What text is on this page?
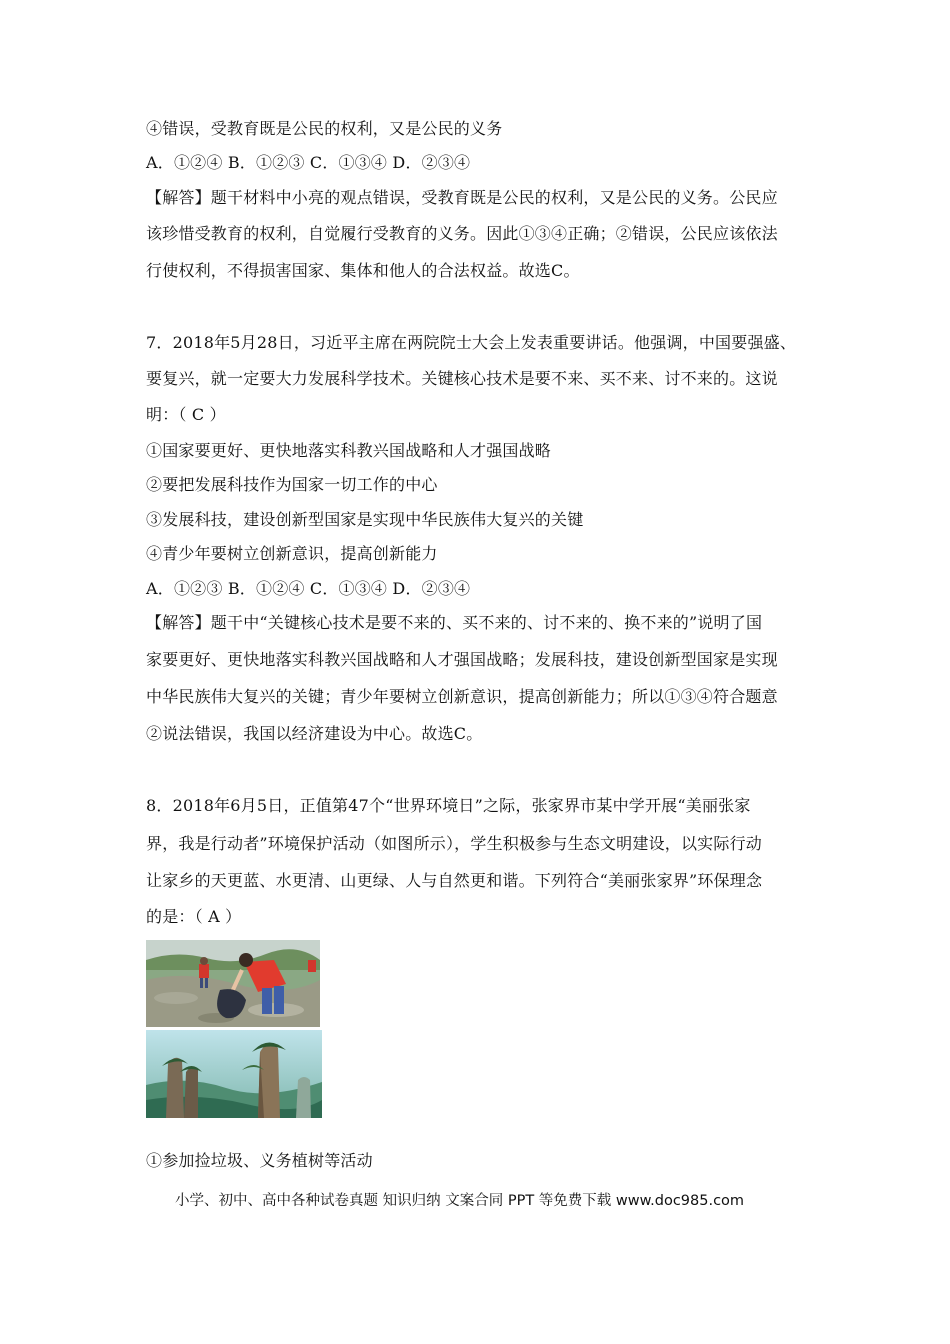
④错误，受教育既是公民的权利，又是公民的义务
A．①②④ B．①②③ C．①③④ D．②③④
【解答】题干材料中小亮的观点错误，受教育既是公民的权利，又是公民的义务。公民应
该珍惜受教育的权利，自觉履行受教育的义务。因此①③④正确；②错误，公民应该依法
行使权利，不得损害国家、集体和他人的合法权益。故选C。
7．2018年5月28日，习近平主席在两院院士大会上发表重要讲话。他强调，中国要强盛、
要复兴，就一定要大力发展科学技术。关键核心技术是要不来、买不来、讨不来的。这说
明：（ C ）
①国家要更好、更快地落实科教兴国战略和人才强国战略
②要把发展科技作为国家一切工作的中心
③发展科技，建设创新型国家是实现中华民族伟大复兴的关键
④青少年要树立创新意识，提高创新能力
A．①②③ B．①②④ C．①③④ D．②③④
【解答】题干中“关键核心技术是要不来的、买不来的、讨不来的、换不来的”说明了国
家要更好、更快地落实科教兴国战略和人才强国战略；发展科技，建设创新型国家是实现
中华民族伟大复兴的关键；青少年要树立创新意识，提高创新能力；所以①③④符合题意
②说法错误，我国以经济建设为中心。故选C。
8．2018年6月5日，正值第47个“世界环境日”之际，张家界市某中学开展“美丽张家
界，我是行动者”环境保护活动（如图所示），学生积极参与生态文明建设，以实际行动
让家乡的天更蓝、水更清、山更绿、人与自然更和谐。下列符合“美丽张家界”环保理念
的是：（ A ）
①参加捡垃圾、义务植树等活动
小学、初中、高中各种试卷真题 知识归纳 文案合同 PPT 等免费下载 www.doc985.com
